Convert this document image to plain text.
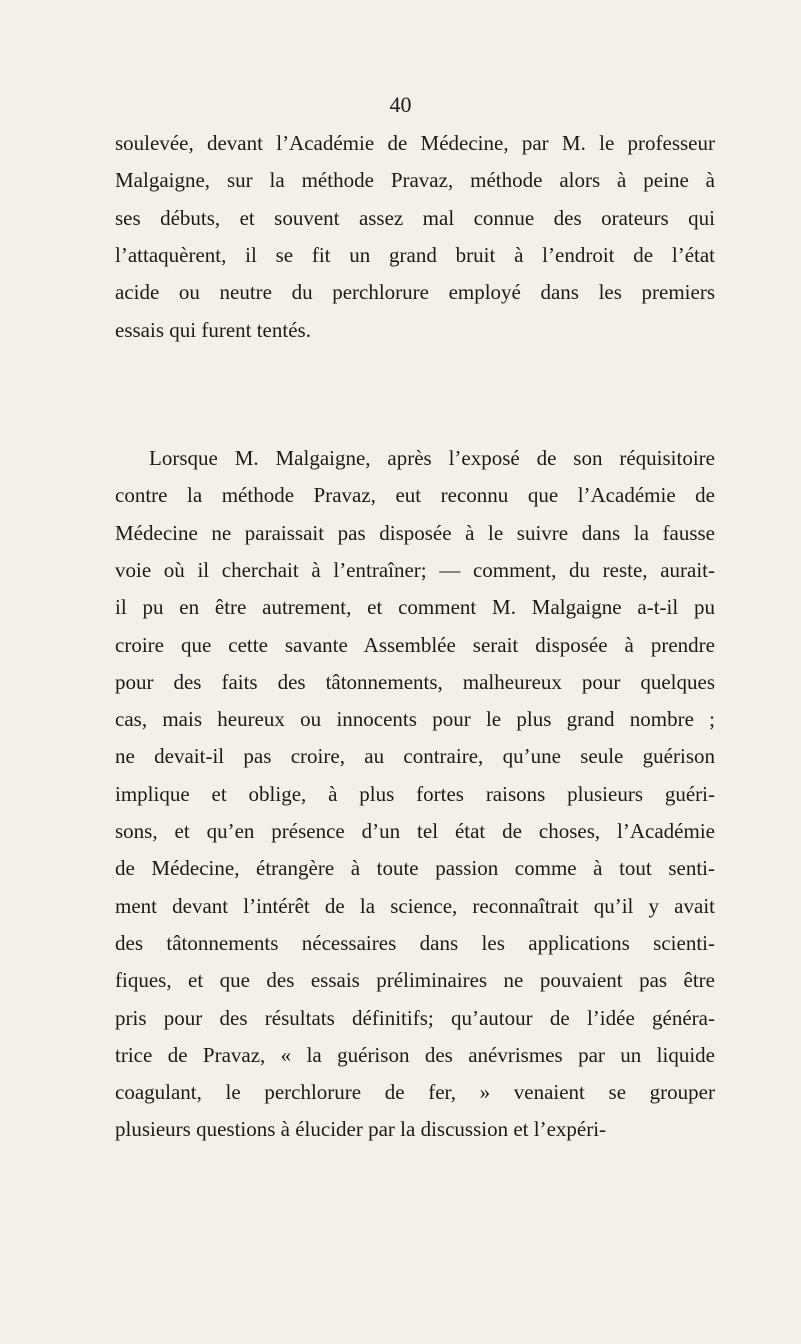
40
soulevée, devant l’Académie de Médecine, par M. le professeur
Malgaigne, sur la méthode Pravaz, méthode alors à peine à
ses débuts, et souvent assez mal connue des orateurs qui
l’attaquèrent, il se fit un grand bruit à l’endroit de l’état
acide ou neutre du perchlorure employé dans les premiers
essais qui furent tentés.
Lorsque M. Malgaigne, après l’exposé de son réquisitoire
contre la méthode Pravaz, eut reconnu que l’Académie de
Médecine ne paraissait pas disposée à le suivre dans la fausse
voie où il cherchait à l’entraîner; — comment, du reste, aurait-
il pu en être autrement, et comment M. Malgaigne a-t-il pu
croire que cette savante Assemblée serait disposée à prendre
pour des faits des tâtonnements, malheureux pour quelques
cas, mais heureux ou innocents pour le plus grand nombre ;
ne devait-il pas croire, au contraire, qu’une seule guérison
implique et oblige, à plus fortes raisons plusieurs guéri-
sons, et qu’en présence d’un tel état de choses, l’Académie
de Médecine, étrangère à toute passion comme à tout senti-
ment devant l’intérêt de la science, reconnaîtrait qu’il y avait
des tâtonnements nécessaires dans les applications scienti-
fiques, et que des essais préliminaires ne pouvaient pas être
pris pour des résultats définitifs; qu’autour de l’idée généra-
trice de Pravaz, « la guérison des anévrismes par un liquide
coagulant, le perchlorure de fer, » venaient se grouper
plusieurs questions à élucider par la discussion et l’expéri-
